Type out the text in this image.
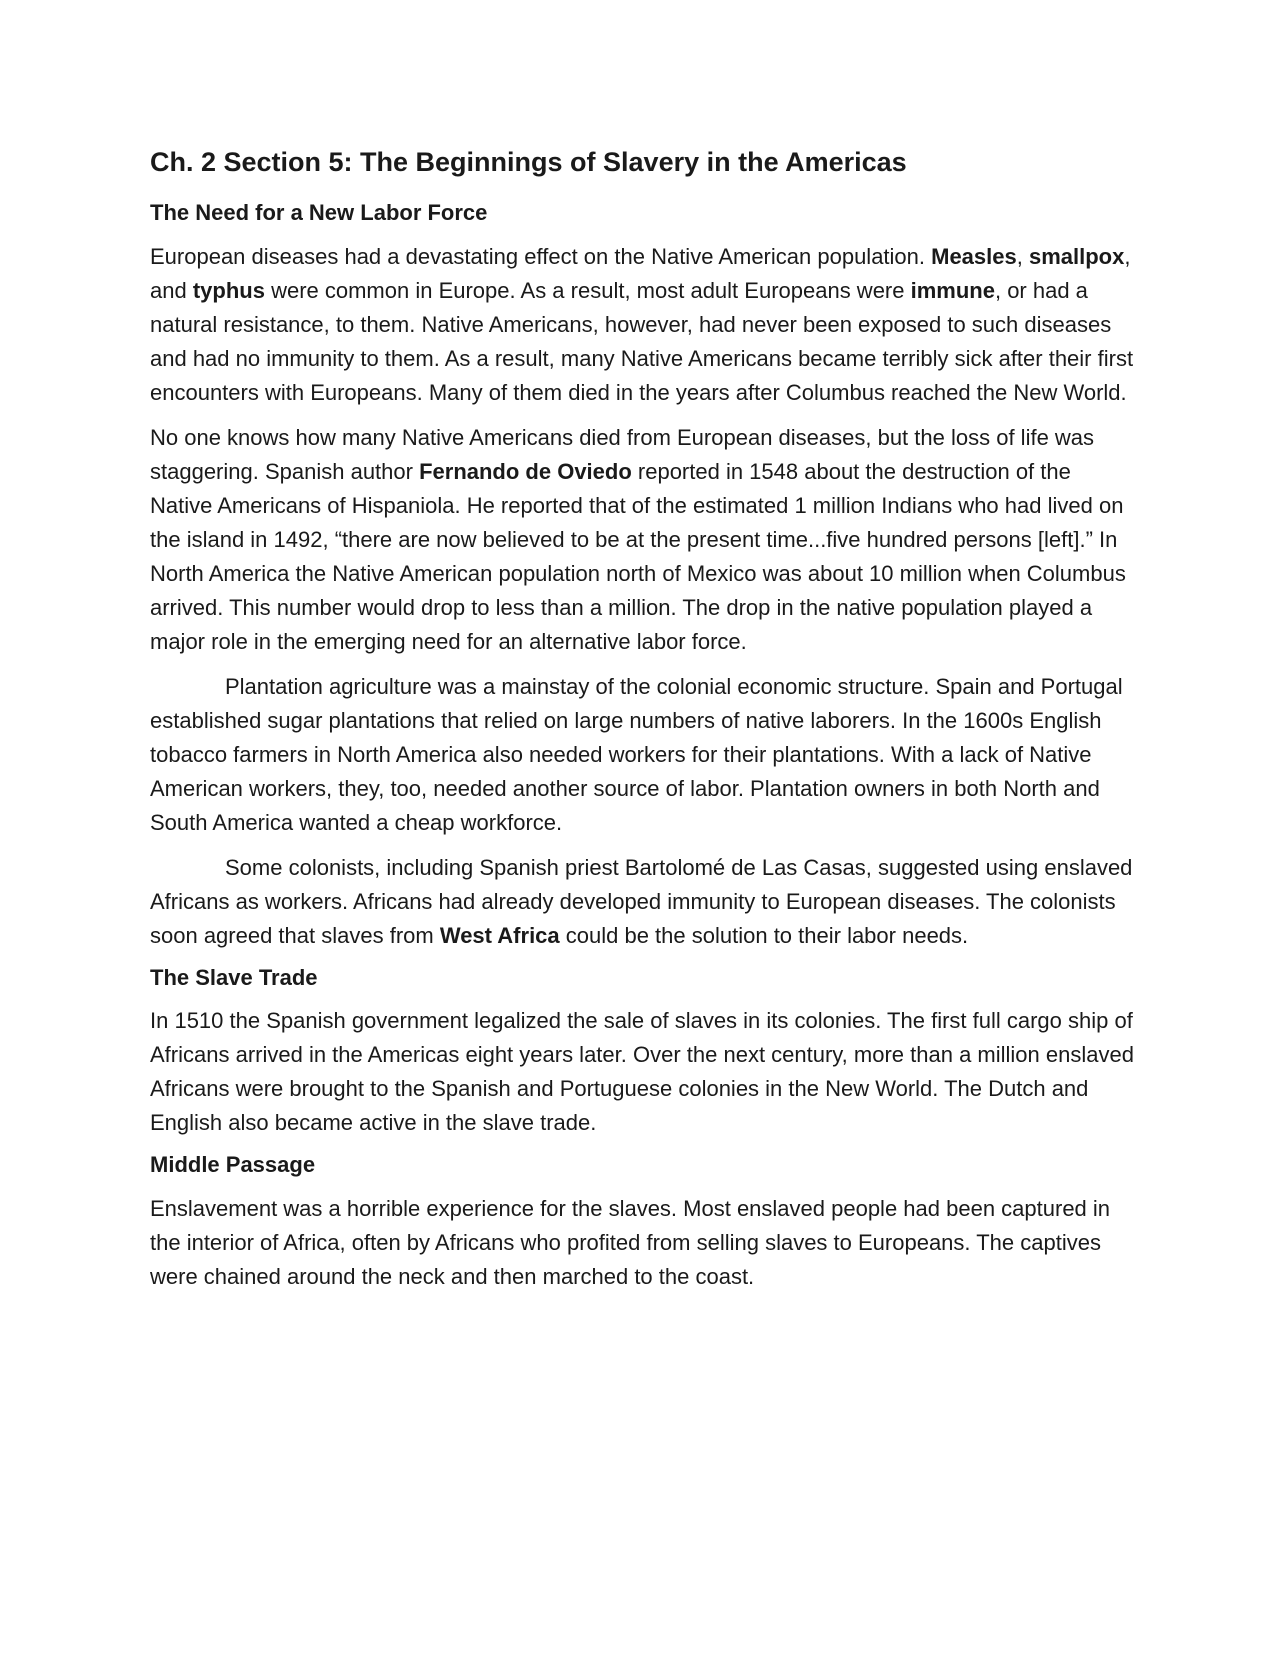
Ch. 2 Section 5: The Beginnings of Slavery in the Americas
The Need for a New Labor Force

European diseases had a devastating effect on the Native American population. Measles, smallpox, and typhus were common in Europe. As a result, most adult Europeans were immune, or had a natural resistance, to them. Native Americans, however, had never been exposed to such diseases and had no immunity to them. As a result, many Native Americans became terribly sick after their first encounters with Europeans. Many of them died in the years after Columbus reached the New World.

No one knows how many Native Americans died from European diseases, but the loss of life was staggering. Spanish author Fernando de Oviedo reported in 1548 about the destruction of the Native Americans of Hispaniola. He reported that of the estimated 1 million Indians who had lived on the island in 1492, “there are now believed to be at the present time...five hundred persons [left].” In North America the Native American population north of Mexico was about 10 million when Columbus arrived. This number would drop to less than a million. The drop in the native population played a major role in the emerging need for an alternative labor force.

Plantation agriculture was a mainstay of the colonial economic structure. Spain and Portugal established sugar plantations that relied on large numbers of native laborers. In the 1600s English tobacco farmers in North America also needed workers for their plantations. With a lack of Native American workers, they, too, needed another source of labor. Plantation owners in both North and South America wanted a cheap workforce.

Some colonists, including Spanish priest Bartolomé de Las Casas, suggested using enslaved Africans as workers. Africans had already developed immunity to European diseases. The colonists soon agreed that slaves from West Africa could be the solution to their labor needs.

The Slave Trade

In 1510 the Spanish government legalized the sale of slaves in its colonies. The first full cargo ship of Africans arrived in the Americas eight years later. Over the next century, more than a million enslaved Africans were brought to the Spanish and Portuguese colonies in the New World. The Dutch and English also became active in the slave trade.

Middle Passage

Enslavement was a horrible experience for the slaves. Most enslaved people had been captured in the interior of Africa, often by Africans who profited from selling slaves to Europeans. The captives were chained around the neck and then marched to the coast.
